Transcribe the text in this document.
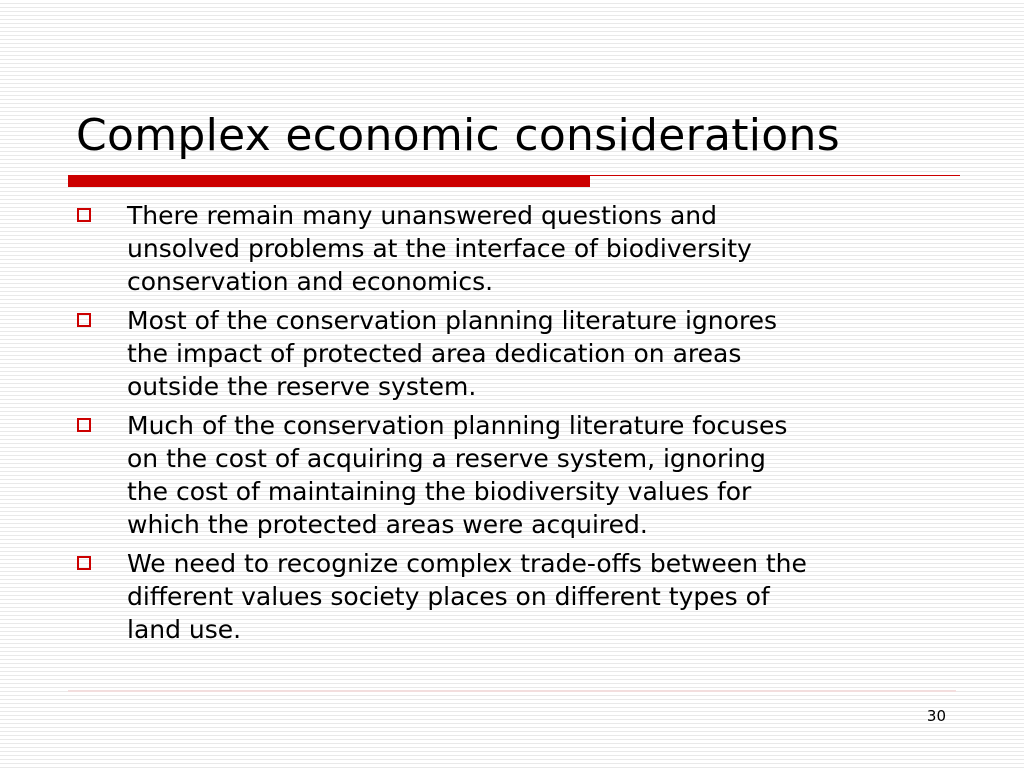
Complex economic considerations
There remain many unanswered questions and
unsolved problems at the interface of biodiversity
conservation and economics.
Most of the conservation planning literature ignores
the impact of protected area dedication on areas
outside the reserve system.
Much of the conservation planning literature focuses
on the cost of acquiring a reserve system, ignoring
the cost of maintaining the biodiversity values for
which the protected areas were acquired.
We need to recognize complex trade-offs between the
different values society places on different types of
land use.
30
